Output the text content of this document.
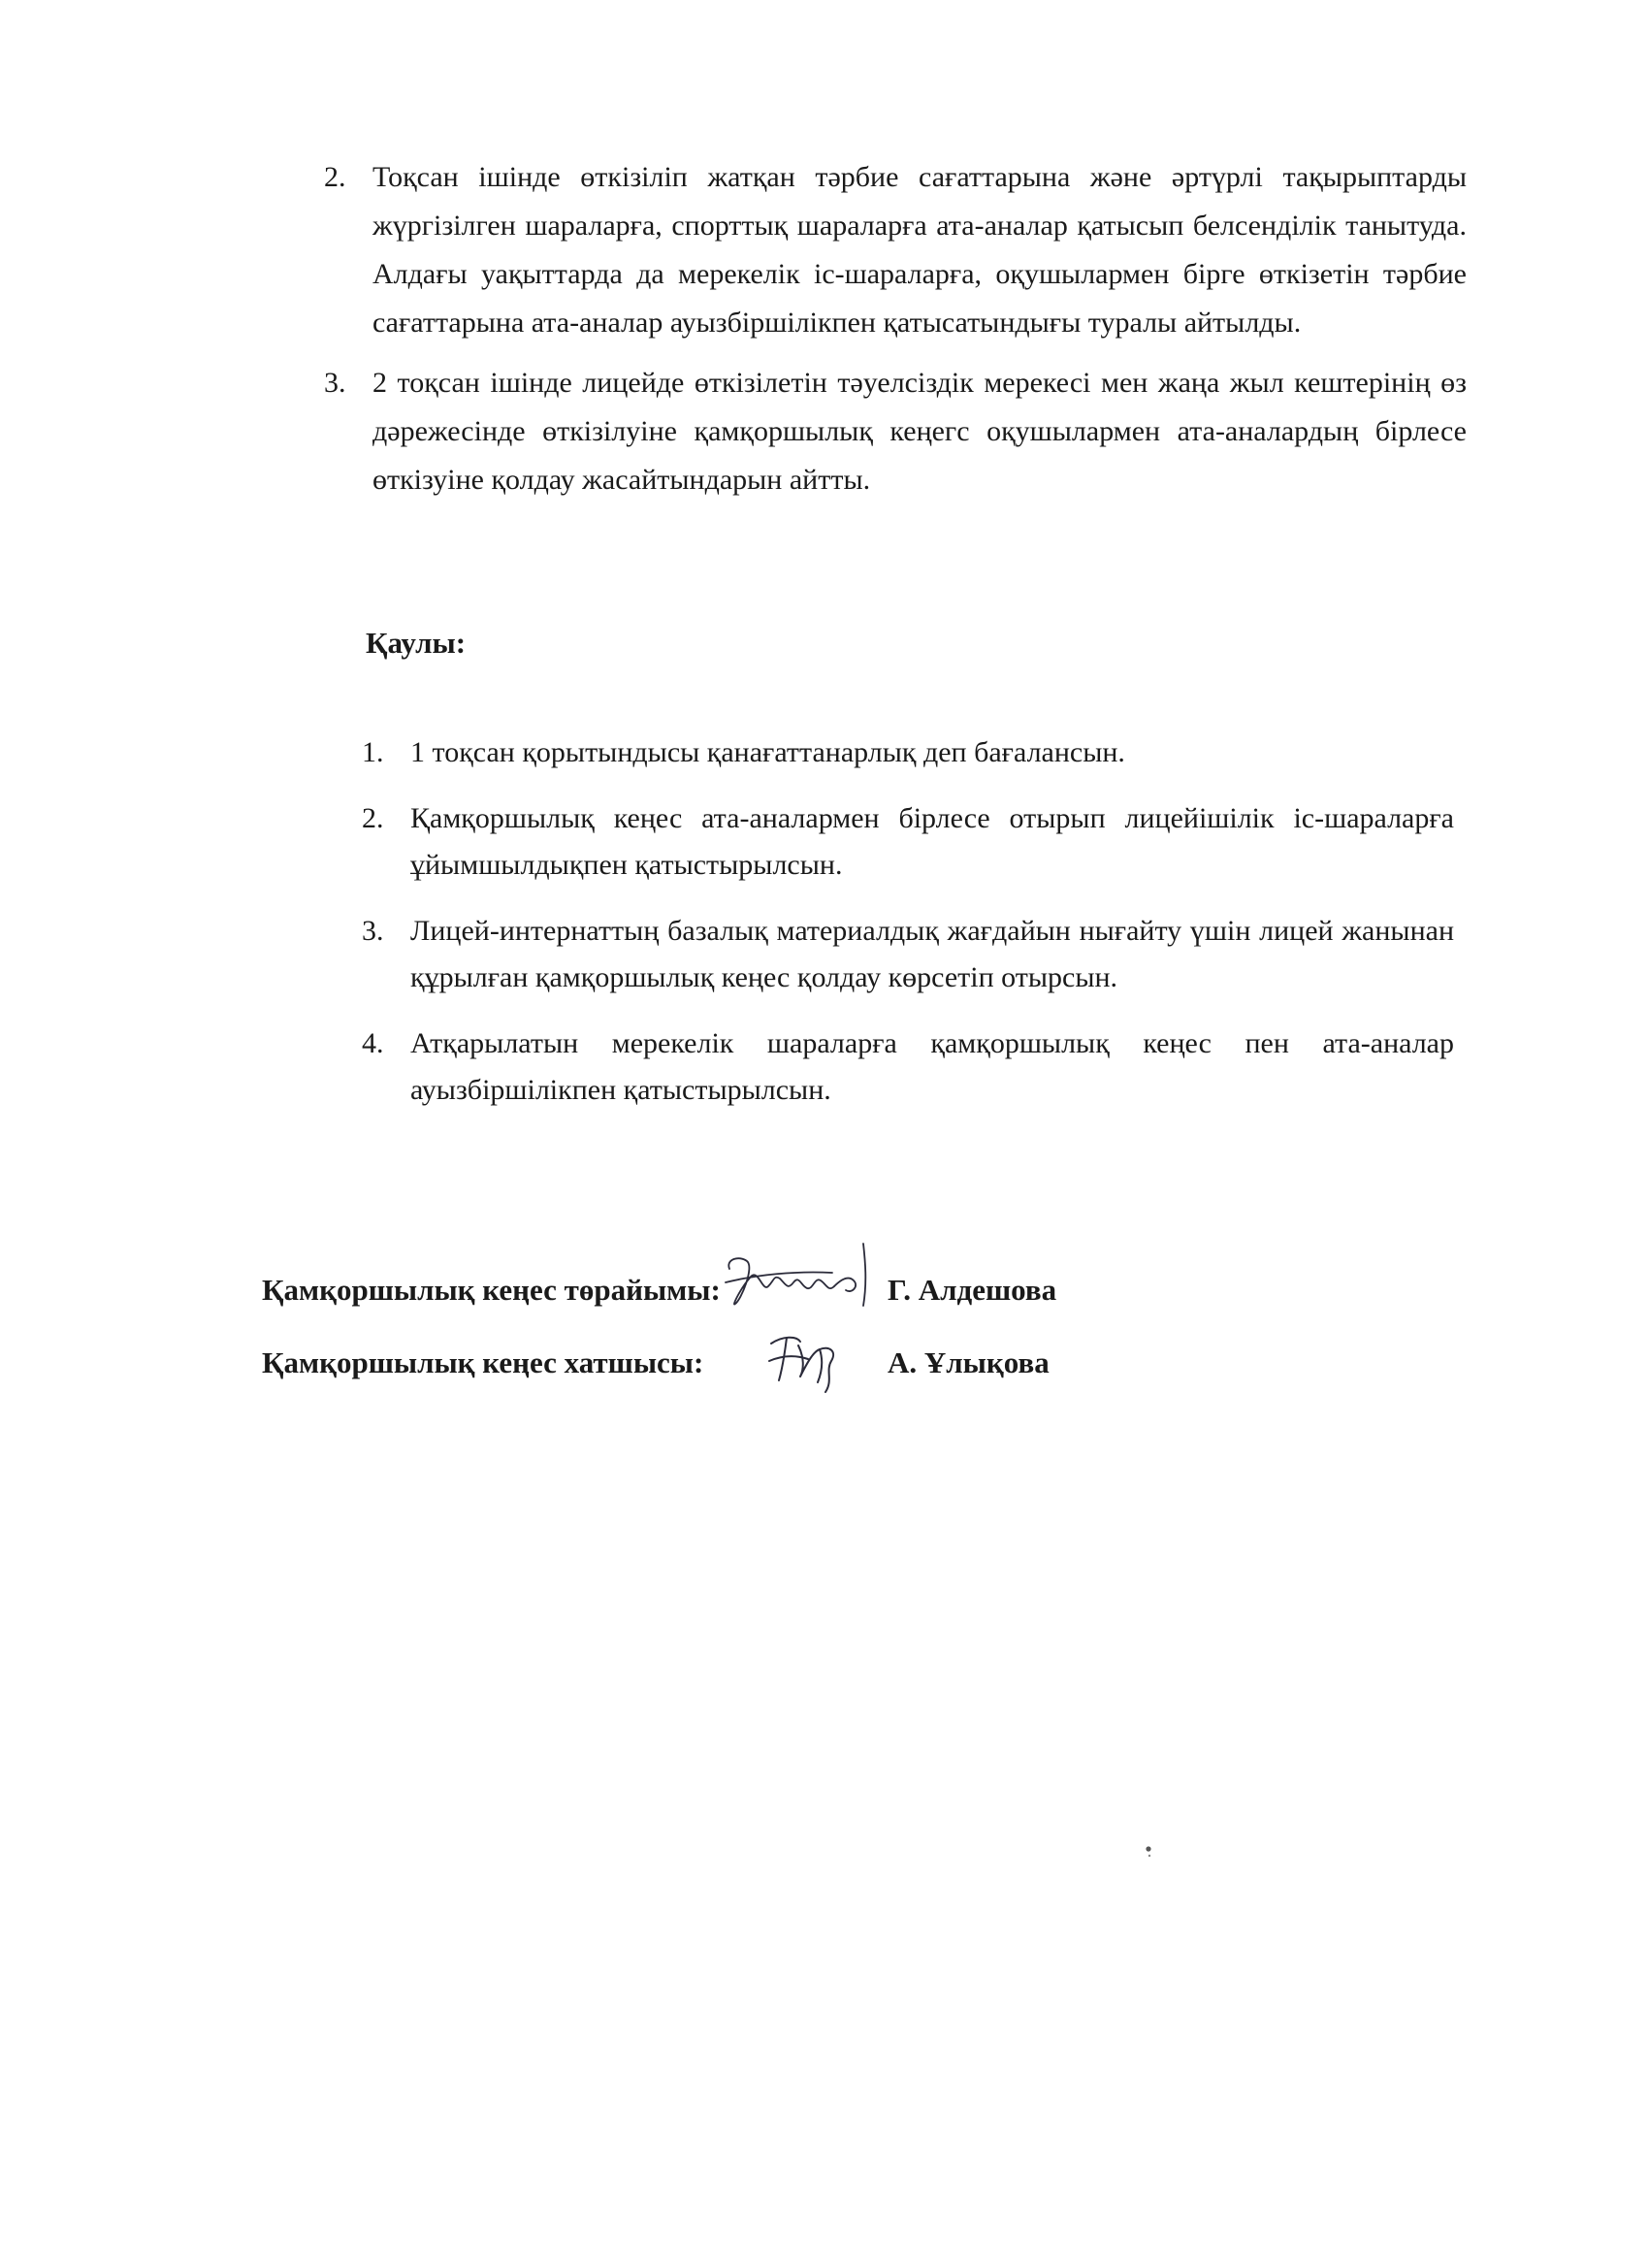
2. Тоқсан ішінде өткізіліп жатқан тәрбие сағаттарына және әртүрлі тақырыптарды жүргізілген шараларға, спорттық шараларға ата-аналар қатысып белсенділік танытуда. Алдағы уақыттарда да мерекелік іс-шараларға, оқушылармен бірге өткізетін тәрбие сағаттарына ата-аналар ауызбіршілікпен қатысатындығы туралы айтылды.
3. 2 тоқсан ішінде лицейде өткізілетін тәуелсіздік мерекесі мен жаңа жыл кештерінің өз дәрежесінде өткізілуіне қамқоршылық кеңегс оқушылармен ата-аналардың бірлесе өткізуіне қолдау жасайтындарын айтты.
Қаулы:
1. 1 тоқсан қорытындысы қанағаттанарлық деп бағалансын.
2. Қамқоршылық кеңес ата-аналармен бірлесе отырып лицейішілік іс-шараларға ұйымшылдықпен қатыстырылсын.
3. Лицей-интернаттың базалық материалдық жағдайын нығайту үшін лицей жанынан құрылған қамқоршылық кеңес қолдау көрсетіп отырсын.
4. Атқарылатын мерекелік шараларға қамқоршылық кеңес пен ата-аналар ауызбіршілікпен қатыстырылсын.
Қамқоршылық кеңес төрайымы:	Г. Алдешова
Қамқоршылық кеңес хатшысы:	А. Ұлықова
